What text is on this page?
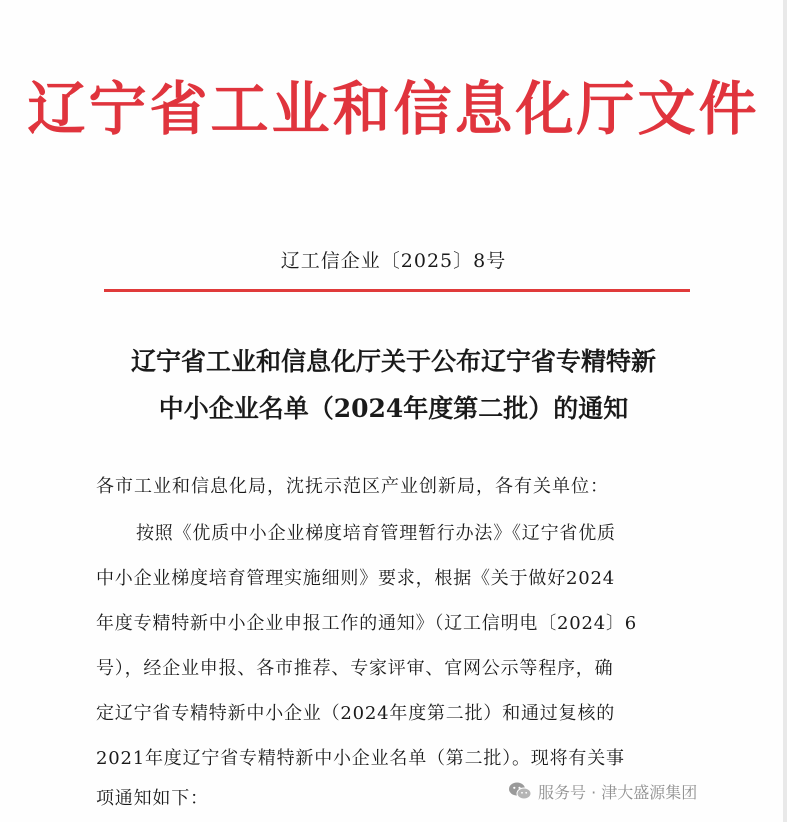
辽宁省工业和信息化厅文件
辽工信企业〔2025〕8号
辽宁省工业和信息化厅关于公布辽宁省专精特新
中小企业名单（2024年度第二批）的通知
各市工业和信息化局，沈抚示范区产业创新局，各有关单位：
按照《优质中小企业梯度培育管理暂行办法》《辽宁省优质
中小企业梯度培育管理实施细则》要求，根据《关于做好2024
年度专精特新中小企业申报工作的通知》（辽工信明电〔2024〕6
号），经企业申报、各市推荐、专家评审、官网公示等程序，确
定辽宁省专精特新中小企业（2024年度第二批）和通过复核的
2021年度辽宁省专精特新中小企业名单（第二批）。现将有关事
项通知如下：	服务号 · 津大盛源集团
